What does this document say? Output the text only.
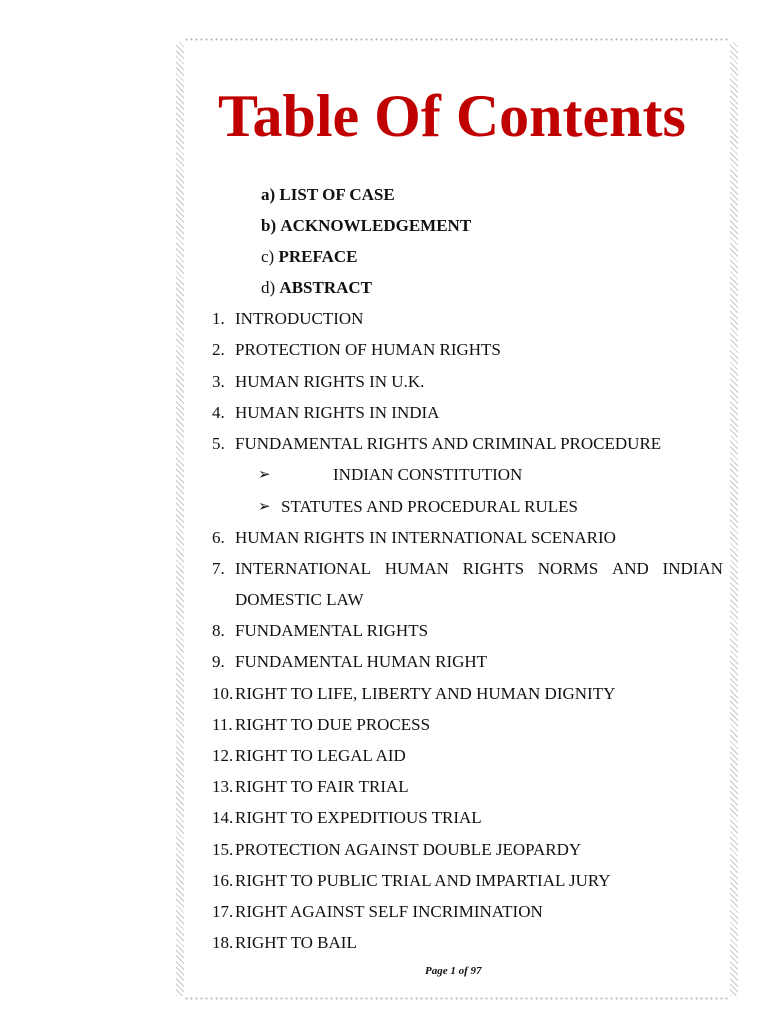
Table Of Contents
a) LIST OF CASE
b) ACKNOWLEDGEMENT
c) PREFACE
d) ABSTRACT
1. INTRODUCTION
2. PROTECTION OF HUMAN RIGHTS
3. HUMAN RIGHTS IN U.K.
4. HUMAN RIGHTS IN INDIA
5. FUNDAMENTAL RIGHTS AND CRIMINAL PROCEDURE
➢	INDIAN CONSTITUTION
➢ STATUTES AND PROCEDURAL RULES
6. HUMAN RIGHTS IN INTERNATIONAL SCENARIO
7. INTERNATIONAL HUMAN RIGHTS NORMS AND INDIAN
DOMESTIC LAW
8. FUNDAMENTAL RIGHTS
9. FUNDAMENTAL HUMAN RIGHT
10. RIGHT TO LIFE, LIBERTY AND HUMAN DIGNITY
11. RIGHT TO DUE PROCESS
12. RIGHT TO LEGAL AID
13. RIGHT TO FAIR TRIAL
14. RIGHT TO EXPEDITIOUS TRIAL
15. PROTECTION AGAINST DOUBLE JEOPARDY
16. RIGHT TO PUBLIC TRIAL AND IMPARTIAL JURY
17. RIGHT AGAINST SELF INCRIMINATION
18. RIGHT TO BAIL
Page 1 of 97
